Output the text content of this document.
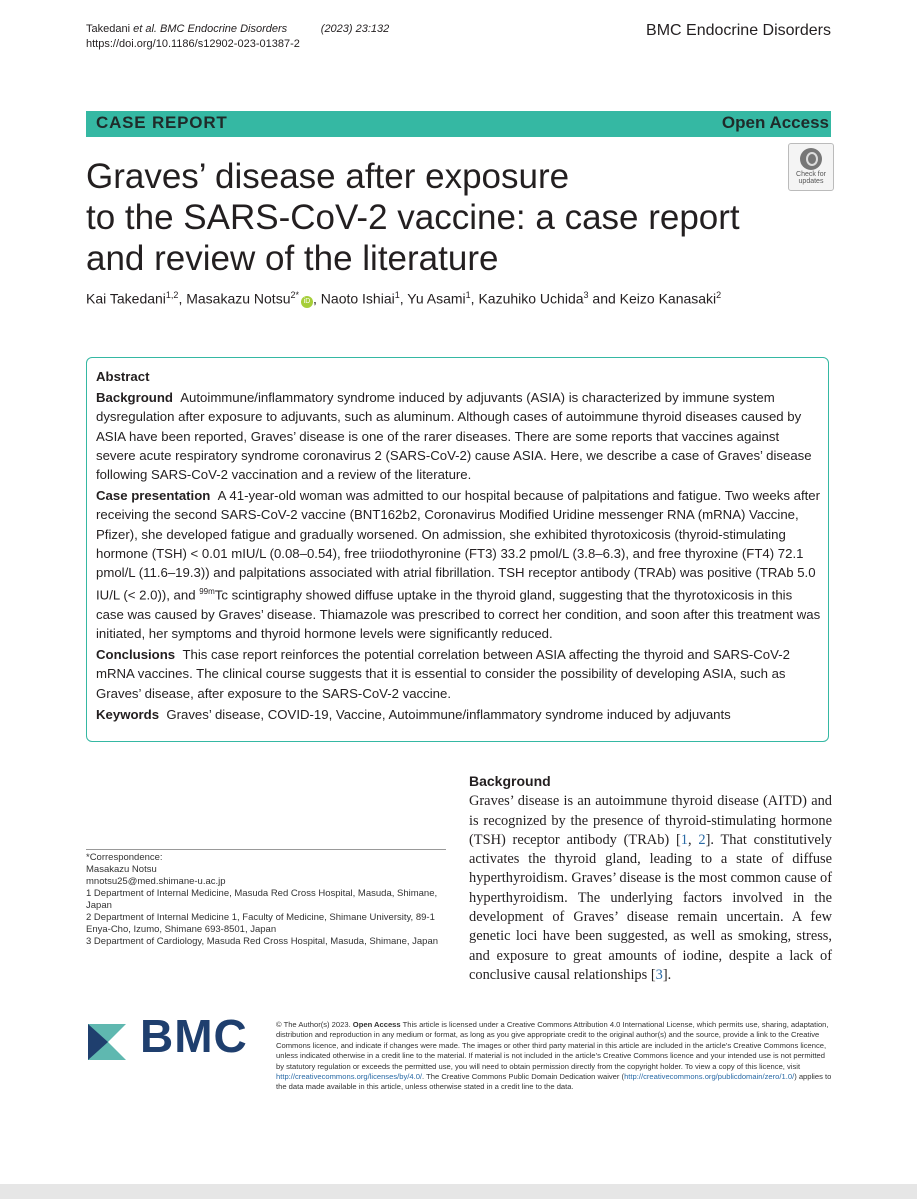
Takedani et al. BMC Endocrine Disorders	(2023) 23:132
https://doi.org/10.1186/s12902-023-01387-2
BMC Endocrine Disorders
CASE REPORT	Open Access
Check for updates
Graves’ disease after exposure
to the SARS-CoV-2 vaccine: a case report
and review of the literature
Kai Takedani$^{1,2}$, Masakazu Notsu$^{2*}$iD , Naoto Ishiai$^1$, Yu Asami$^1$, Kazuhiko Uchida$^3$ and Keizo Kanasaki$^2$

Abstract

Background Autoimmune/inflammatory syndrome induced by adjuvants (ASIA) is characterized by immune system dysregulation after exposure to adjuvants, such as aluminum. Although cases of autoimmune thyroid diseases caused by ASIA have been reported, Graves’ disease is one of the rarer diseases. There are some reports that vaccines against severe acute respiratory syndrome coronavirus 2 (SARS-CoV-2) cause ASIA. Here, we describe a case of Graves’ disease following SARS-CoV-2 vaccination and a review of the literature.

Case presentation A 41-year-old woman was admitted to our hospital because of palpitations and fatigue. Two weeks after receiving the second SARS-CoV-2 vaccine (BNT162b2, Coronavirus Modified Uridine messenger RNA (mRNA) Vaccine, Pfizer), she developed fatigue and gradually worsened. On admission, she exhibited thyrotoxicosis (thyroid-stimulating hormone (TSH) < 0.01 mIU/L (0.08–0.54), free triiodothyronine (FT3) 33.2 pmol/L (3.8–6.3), and free thyroxine (FT4) 72.1 pmol/L (11.6–19.3)) and palpitations associated with atrial fibrillation. TSH receptor antibody (TRAb) was positive (TRAb 5.0 IU/L (< 2.0)), and $^{99m}$Tc scintigraphy showed diffuse uptake in the thyroid gland, suggesting that the thyrotoxicosis in this case was caused by Graves’ disease. Thiamazole was prescribed to correct her condition, and soon after this treatment was initiated, her symptoms and thyroid hormone levels were significantly reduced.

Conclusions This case report reinforces the potential correlation between ASIA affecting the thyroid and SARS-CoV-2 mRNA vaccines. The clinical course suggests that it is essential to consider the possibility of developing ASIA, such as Graves’ disease, after exposure to the SARS-CoV-2 vaccine.

Keywords Graves’ disease, COVID-19, Vaccine, Autoimmune/inflammatory syndrome induced by adjuvants

Background
Graves’ disease is an autoimmune thyroid disease (AITD) and is recognized by the presence of thyroid-stimulating hormone (TSH) receptor antibody (TRAb) [1, 2]. That constitutively activates the thyroid gland, leading to a state of diffuse hyperthyroidism. Graves’ disease is the most common cause of hyperthyroidism. The underlying factors involved in the development of Graves’ disease remain uncertain. A few genetic loci have been suggested, as well as smoking, stress, and exposure to great amounts of iodine, despite a lack of conclusive causal relationships [3].

*Correspondence:

Masakazu Notsu

mnotsu25@med.shimane-u.ac.jp

1 Department of Internal Medicine, Masuda Red Cross Hospital, Masuda, Shimane, Japan

2 Department of Internal Medicine 1, Faculty of Medicine, Shimane University, 89-1 Enya-Cho, Izumo, Shimane 693-8501, Japan

3 Department of Cardiology, Masuda Red Cross Hospital, Masuda, Shimane, Japan

BMC	© The Author(s) 2023. Open Access This article is licensed under a Creative Commons Attribution 4.0 International License, which permits use, sharing, adaptation, distribution and reproduction in any medium or format, as long as you give appropriate credit to the original author(s) and the source, provide a link to the Creative Commons licence, and indicate if changes were made. The images or other third party material in this article are included in the article’s Creative Commons licence, unless indicated otherwise in a credit line to the material. If material is not included in the article’s Creative Commons licence and your intended use is not permitted by statutory regulation or exceeds the permitted use, you will need to obtain permission directly from the copyright holder. To view a copy of this licence, visit http://creativecommons.org/licenses/by/4.0/. The Creative Commons Public Domain Dedication waiver (http://creativecommons.org/publicdomain/zero/1.0/) applies to the data made available in this article, unless otherwise stated in a credit line to the data.
